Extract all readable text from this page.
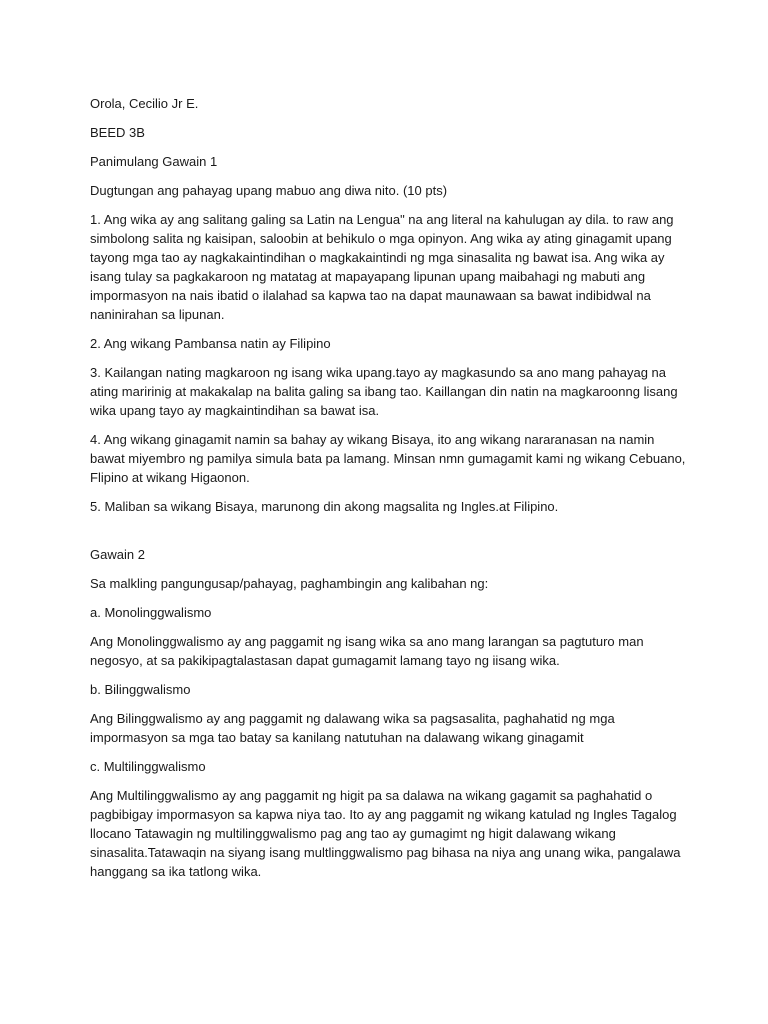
Orola, Cecilio Jr E.

BEED 3B

Panimulang Gawain 1

Dugtungan ang pahayag upang mabuo ang diwa nito. (10 pts)

1. Ang wika ay ang salitang galing sa Latin na Lengua" na ang literal na kahulugan ay dila. to raw ang simbolong salita ng kaisipan, saloobin at behikulo o mga opinyon. Ang wika ay ating ginagamit upang tayong mga tao ay nagkakaintindihan o magkakaintindi ng mga sinasalita ng bawat isa. Ang wika ay isang tulay sa pagkakaroon ng matatag at mapayapang lipunan upang maibahagi ng mabuti ang impormasyon na nais ibatid o ilalahad sa kapwa tao na dapat maunawaan sa bawat indibidwal na naninirahan sa lipunan.

2. Ang wikang Pambansa natin ay Filipino

3. Kailangan nating magkaroon ng isang wika upang.tayo ay magkasundo sa ano mang pahayag na ating maririnig at makakalap na balita galing sa ibang tao. Kaillangan din natin na magkaroonng lisang wika upang tayo ay magkaintindihan sa bawat isa.

4. Ang wikang ginagamit namin sa bahay ay wikang Bisaya, ito ang wikang nararanasan na namin bawat miyembro ng pamilya simula bata pa lamang. Minsan nmn gumagamit kami ng wikang Cebuano, Flipino at wikang Higaonon.

5. Maliban sa wikang Bisaya, marunong din akong magsalita ng Ingles.at Filipino.

Gawain 2

Sa malkling pangungusap/pahayag, paghambingin ang kalibahan ng:

a. Monolinggwalismo

Ang Monolinggwalismo ay ang paggamit ng isang wika sa ano mang larangan sa pagtuturo man negosyo, at sa pakikipagtalastasan dapat gumagamit lamang tayo ng iisang wika.

b. Bilinggwalismo

Ang Bilinggwalismo ay ang paggamit ng dalawang wika sa pagsasalita, paghahatid ng mga impormasyon sa mga tao batay sa kanilang natutuhan na dalawang wikang ginagamit

c. Multilinggwalismo

Ang Multilinggwalismo ay ang paggamit ng higit pa sa dalawa na wikang gagamit sa paghahatid o pagbibigay impormasyon sa kapwa niya tao. Ito ay ang paggamit ng wikang katulad ng Ingles Tagalog llocano Tatawagin ng multilinggwalismo pag ang tao ay gumagimt ng higit dalawang wikang sinasalita.Tatawaqin na siyang isang multlinggwalismo pag bihasa na niya ang unang wika, pangalawa hanggang sa ika tatlong wika.
